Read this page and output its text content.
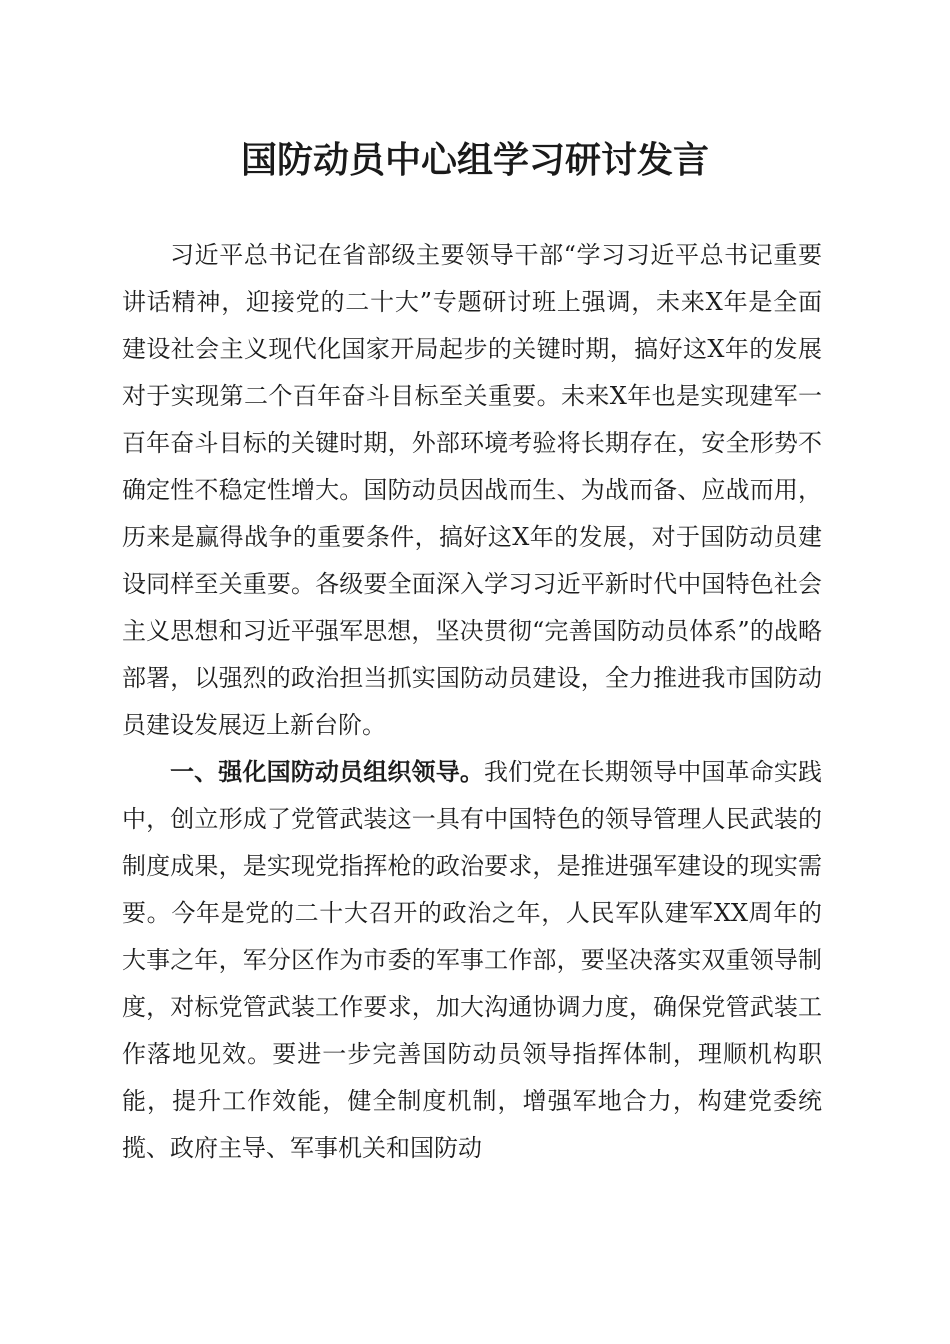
国防动员中心组学习研讨发言

习近平总书记在省部级主要领导干部“学习习近平总书记重要讲话精神，迎接党的二十大”专题研讨班上强调，未来X年是全面建设社会主义现代化国家开局起步的关键时期，搞好这X年的发展对于实现第二个百年奋斗目标至关重要。未来X年也是实现建军一百年奋斗目标的关键时期，外部环境考验将长期存在，安全形势不确定性不稳定性增大。国防动员因战而生、为战而备、应战而用，历来是赢得战争的重要条件，搞好这X年的发展，对于国防动员建设同样至关重要。各级要全面深入学习习近平新时代中国特色社会主义思想和习近平强军思想，坚决贯彻“完善国防动员体系”的战略部署，以强烈的政治担当抓实国防动员建设，全力推进我市国防动员建设发展迈上新台阶。

一、强化国防动员组织领导。我们党在长期领导中国革命实践中，创立形成了党管武装这一具有中国特色的领导管理人民武装的制度成果，是实现党指挥枪的政治要求，是推进强军建设的现实需要。今年是党的二十大召开的政治之年，人民军队建军XX周年的大事之年，军分区作为市委的军事工作部，要坚决落实双重领导制度，对标党管武装工作要求，加大沟通协调力度，确保党管武装工作落地见效。要进一步完善国防动员领导指挥体制，理顺机构职能，提升工作效能，健全制度机制，增强军地合力，构建党委统揽、政府主导、军事机关和国防动
